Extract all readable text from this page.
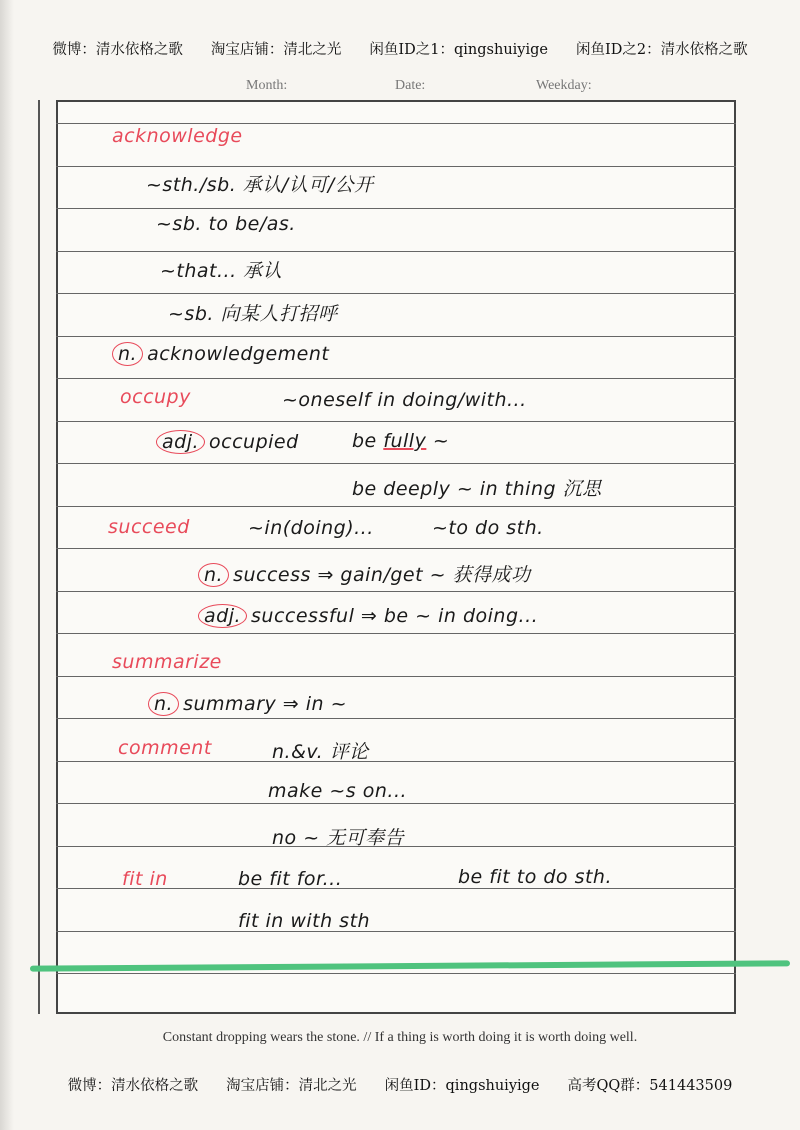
微博：清水依格之歌 淘宝店铺：清北之光 闲鱼ID之1：qingshuiyige 闲鱼ID之2：清水依格之歌
Month:	Date:	Weekday:
acknowledge
~sth./sb. 承认/认可/公开
~sb. to be/as.
~that... 承认
~sb. 向某人打招呼
n. acknowledgement
occupy	~oneself in doing/with...
adj. occupied	be fully ~
be deeply ~ in thing 沉思
succeed	~in(doing)...	~to do sth.
n. success ⇒ gain/get ~ 获得成功
adj. successful ⇒ be ~ in doing...
summarize
n. summary ⇒ in ~
comment	n.&v. 评论
make ~s on...
no ~ 无可奉告
fit in	be fit for...	be fit to do sth.
fit in with sth
Constant dropping wears the stone. // If a thing is worth doing it is worth doing well.
微博：清水依格之歌 淘宝店铺：清北之光 闲鱼ID：qingshuiyige 高考QQ群：541443509
